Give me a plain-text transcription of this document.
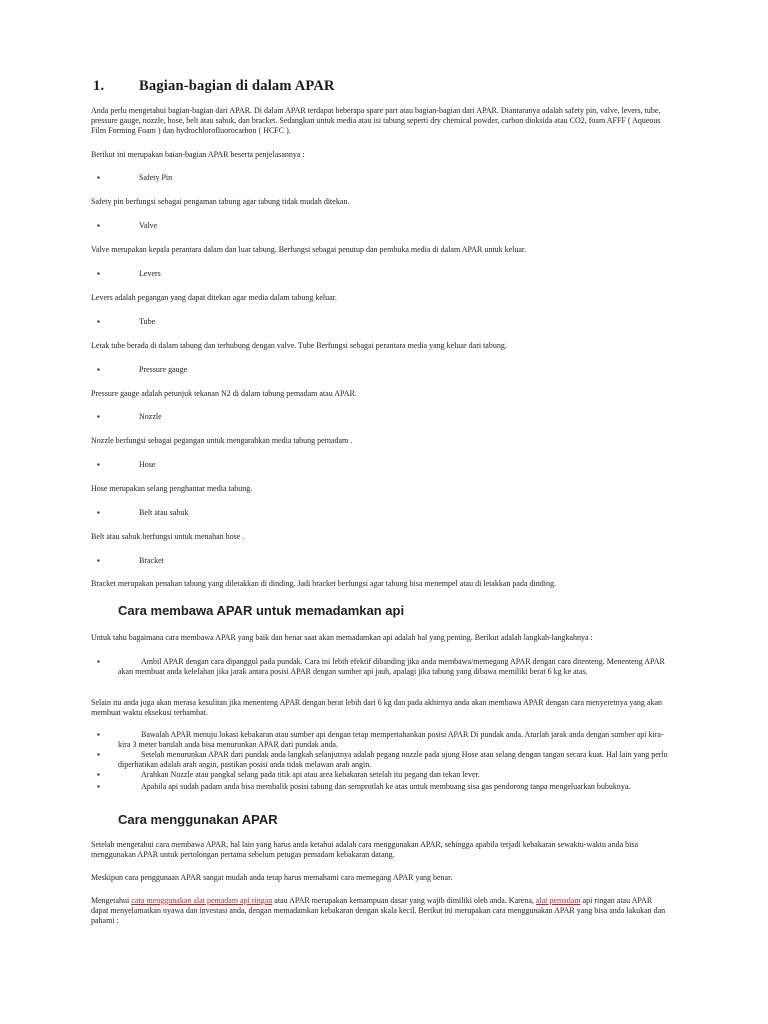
1. Bagian-bagian di dalam APAR
Anda perlu mengetahui bagian-bagian dari APAR. Di dalam APAR terdapat beberapa spare part atau bagian-bagian dari APAR. Diantaranya adalah safety pin, valve, levers, tube, pressure gauge, nozzle, hose, belt atau sabuk, dan bracket. Sedangkan untuk media atau isi tabung seperti dry chemical powder, carbon dioksida atau CO2, foam AFFF ( Aqueous Film Forming Foam ) dan hydrochlorofluorocarbon ( HCFC ).
Berikut ini merupakan baian-bagian APAR beserta penjelasannya :
▪	Safety Pin
Safety pin berfungsi sebagai pengaman tabung agar tabung tidak mudah ditekan.
▪	Valve
Valve merupakan kepala perantara dalam dan luar tabung. Berfungsi sebagai penutup dan pembuka media di dalam APAR untuk keluar.
▪	Levers
Levers adalah pegangan yang dapat ditekan agar media dalam tabung keluar.
▪	Tube
Letak tube berada di dalam tabung dan terhubung dengan valve. Tube Berfungsi sebagai perantara media yang keluar dari tabung.
▪	Pressure gauge
Pressure gauge adalah petunjuk tekanan N2 di dalam tabung pemadam atau APAR.
▪	Nozzle
Nozzle berfungsi sebagai pegangan untuk mengarahkan media tabung pemadam .
▪	Hose
Hose merupakan selang penghantar media tabung.
▪	Belt atau sabuk
Belt atau sabuk berfungsi untuk menahan hose .
▪	Bracket
Bracket merupakan penahan tabung yang diletakkan di dinding. Jadi bracket berfungsi agar tabung bisa menempel atau di letakkan pada dinding.
Cara membawa APAR untuk memadamkan api
Untuk tahu bagaimana cara membawa APAR yang baik dan benar saat akan memadamkan api adalah hal yang penting. Berikut adalah langkah-langkahnya :
▪	Ambil APAR dengan cara dipanggul pada pundak. Cara ini lebih efektif dibanding jika anda membawa/memegang APAR dengan cara ditenteng. Menenteng APAR akan membuat anda kelelahan jika jarak antara posisi APAR dengan sumber api jauh, apalagi jika tabung yang dibawa memiliki berat 6 kg ke atas.
Selain itu anda juga akan merasa kesulitan jika menenteng APAR dengan berat lebih dari 6 kg dan pada akhirnya anda akan membawa APAR dengan cara menyeretnya yang akan membuat waktu eksekusi terhambat.
▪	Bawalah APAR menuju lokasi kebakaran atau sumber api dengan tetap mempertahankan posisi APAR Di pundak anda. Aturlah jarak anda dengan sumber api kira-kira 3 meter barulah anda bisa menurunkan APAR dari pundak anda.
▪	Setelah menurunkan APAR dari pundak anda langkah selanjutnya adalah pegang nozzle pada ujung Hose atau selang dengan tangan secara kuat. Hal lain yang perlu diperhatikan adalah arah angin, pastikan posisi anda tidak melawan arah angin.
▪	Arahkan Nozzle atau pangkal selang pada titik api atau area kebakaran setelah itu pegang dan tekan lever.
▪	Apabila api sudah padam anda bisa membalik posisi tabung dan semprotlah ke atas untuk membuang sisa gas pendorong tanpa mengeluarkan bubuknya.
Cara menggunakan APAR
Setelah mengetahui cara membawa APAR, hal lain yang harus anda ketahui adalah cara menggunakan APAR, sehingga apabila terjadi kebakaran sewaktu-waktu anda bisa menggunakan APAR untuk pertolongan pertama sebelum petugas pemadam kebakaran datang.
Meskipun cara penggunaan APAR sangat mudah anda tetap harus memahami cara memegang APAR yang benar.
Mengetahui cara menggunakan alat pemadam api ringan atau APAR merupakan kemampuan dasar yang wajib dimiliki oleh anda. Karena, alat pemadam api ringan atau APAR dapat menyelamatkan nyawa dan investasi anda, dengan memadamkan kebakaran dengan skala kecil. Berikut ini merupakan cara menggunakan APAR yang bisa anda lakukan dan pahami :
